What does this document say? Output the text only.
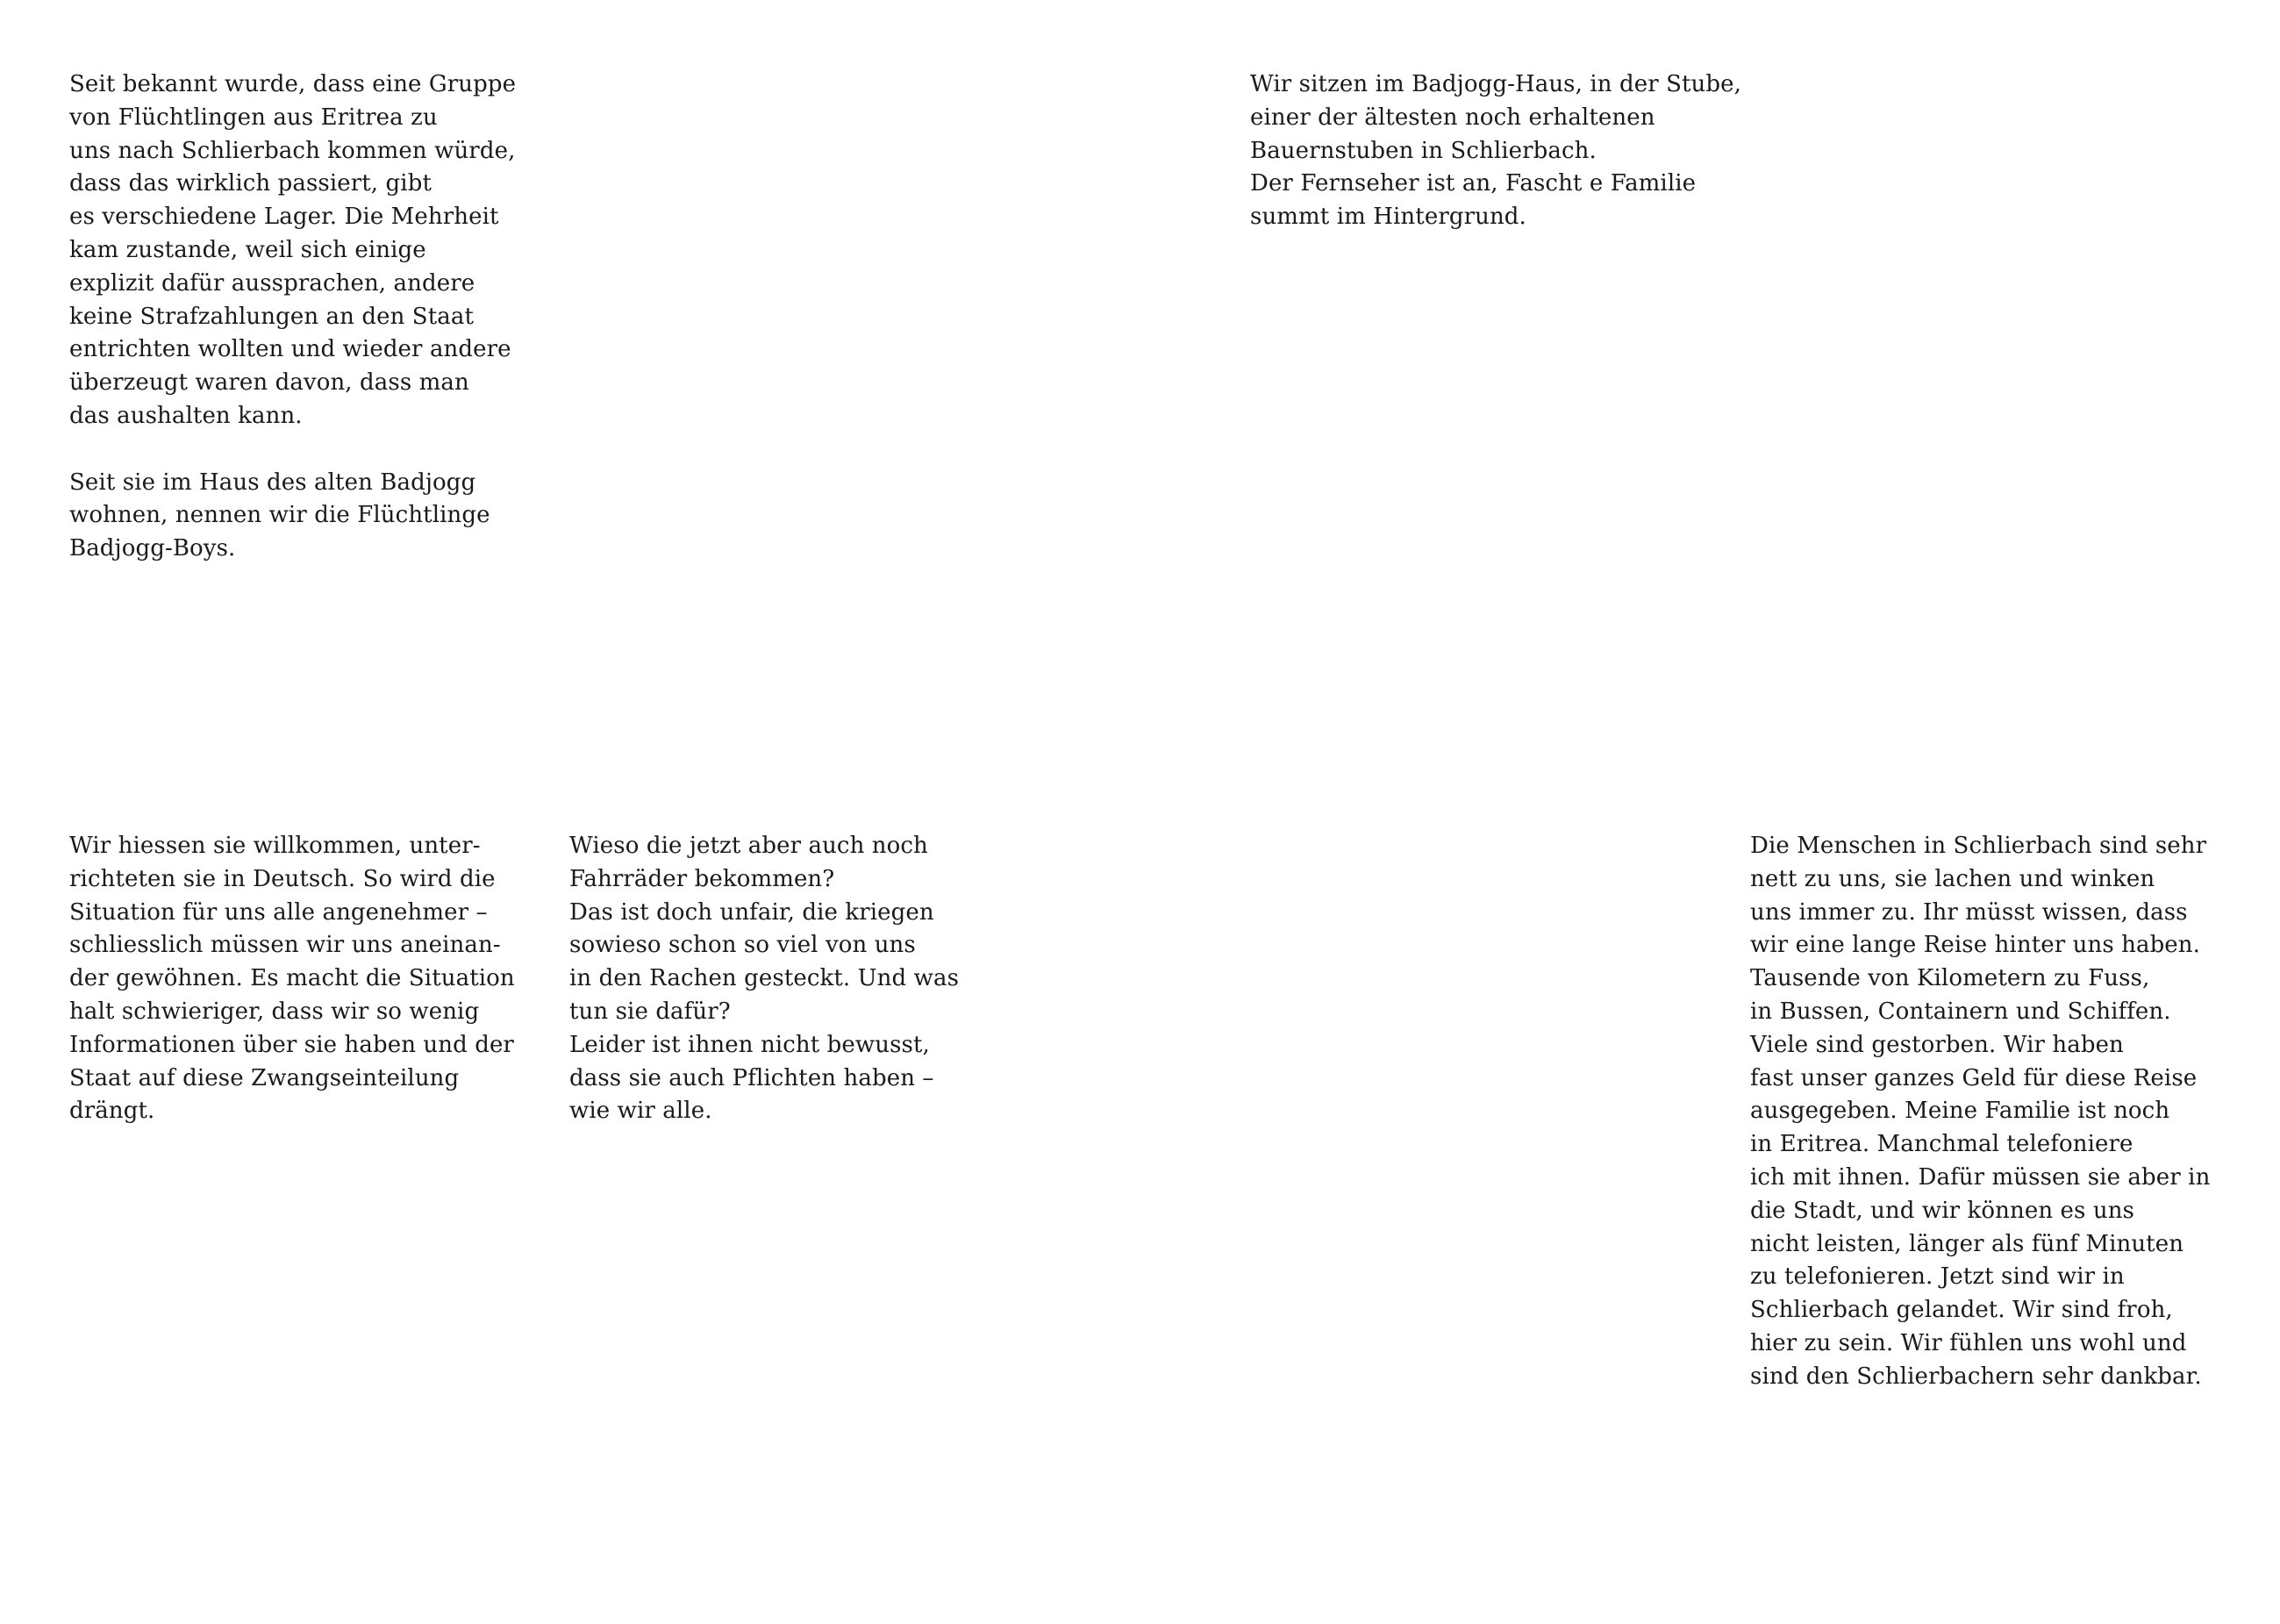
Seit bekannt wurde, dass eine Gruppe
von Flüchtlingen aus Eritrea zu
uns nach Schlierbach kommen würde,
dass das wirklich passiert, gibt
es verschiedene Lager. Die Mehrheit
kam zustande, weil sich einige
explizit dafür aussprachen, andere
keine Strafzahlungen an den Staat
entrichten wollten und wieder andere
überzeugt waren davon, dass man
das aushalten kann.
Seit sie im Haus des alten Badjogg
wohnen, nennen wir die Flüchtlinge
Badjogg-Boys.
Wir sitzen im Badjogg-Haus, in der Stube,
einer der ältesten noch erhaltenen
Bauernstuben in Schlierbach.
Der Fernseher ist an, Fascht e Familie
summt im Hintergrund.
Wir hiessen sie willkommen, unter-
richteten sie in Deutsch. So wird die
Situation für uns alle angenehmer –
schliesslich müssen wir uns aneinan-
der gewöhnen. Es macht die Situation
halt schwieriger, dass wir so wenig
Informationen über sie haben und der
Staat auf diese Zwangseinteilung
drängt.
Wieso die jetzt aber auch noch
Fahrräder bekommen?
Das ist doch unfair, die kriegen
sowieso schon so viel von uns
in den Rachen gesteckt. Und was
tun sie dafür?
Leider ist ihnen nicht bewusst,
dass sie auch Pflichten haben –
wie wir alle.
Die Menschen in Schlierbach sind sehr
nett zu uns, sie lachen und winken
uns immer zu. Ihr müsst wissen, dass
wir eine lange Reise hinter uns haben.
Tausende von Kilometern zu Fuss,
in Bussen, Containern und Schiffen.
Viele sind gestorben. Wir haben
fast unser ganzes Geld für diese Reise
ausgegeben. Meine Familie ist noch
in Eritrea. Manchmal telefoniere
ich mit ihnen. Dafür müssen sie aber in
die Stadt, und wir können es uns
nicht leisten, länger als fünf Minuten
zu telefonieren. Jetzt sind wir in
Schlierbach gelandet. Wir sind froh,
hier zu sein. Wir fühlen uns wohl und
sind den Schlierbachern sehr dankbar.
